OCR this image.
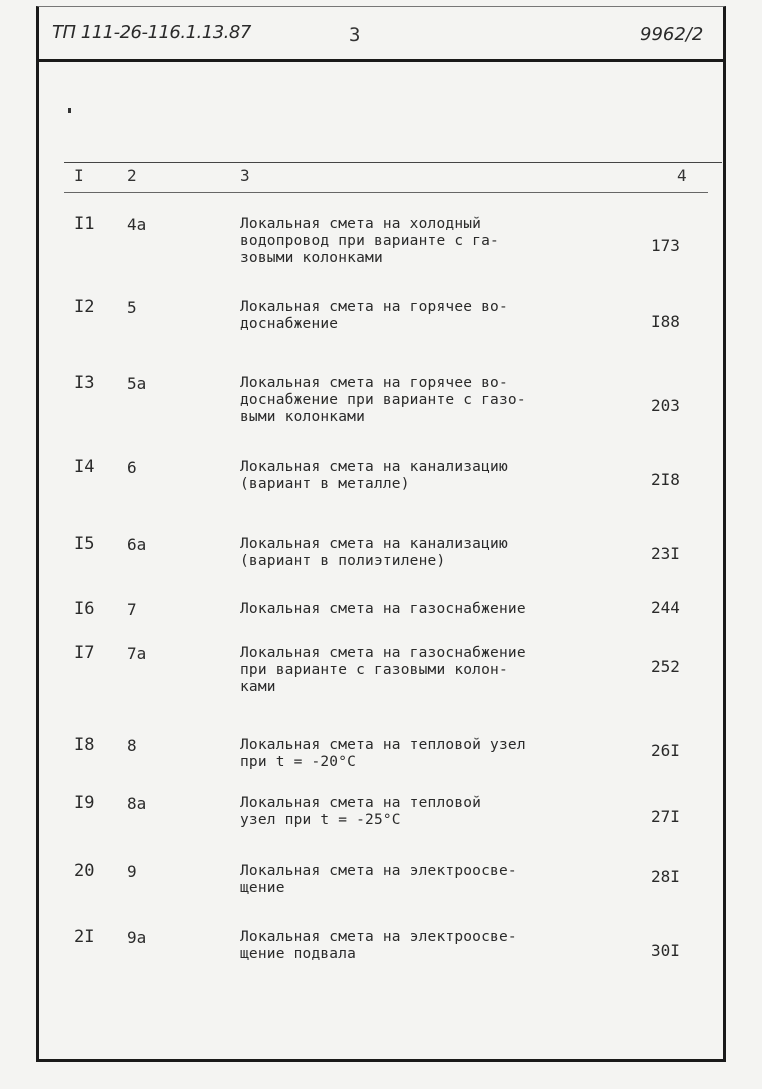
ТП 111-26-116.1.13.87	3	9962/2
I	2	3	4
I1 4a	Локальная смета на холодный
водопровод при варианте с га-
зовыми колонками
173
I2 5	Локальная смета на горячее во-
доснабжение	I88
I3 5a	Локальная смета на горячее во-
доснабжение при варианте с газо-
выми колонками
203
I4 6	Локальная смета на канализацию
(вариант в металле)	2I8
I5 6a	Локальная смета на канализацию
(вариант в полиэтилене)	23I
I6 7	Локальная смета на газоснабжение	244
I7 7a	Локальная смета на газоснабжение
при варианте с газовыми колон-
ками
252
I8 8	Локальная смета на тепловой узел
при t = -20°C
26I
I9 8a	Локальная смета на тепловой
узел при t = -25°C	27I
20 9	Локальная смета на электроосве-
щение
28I
2I 9a	Локальная смета на электроосве-
щение подвала	30I
